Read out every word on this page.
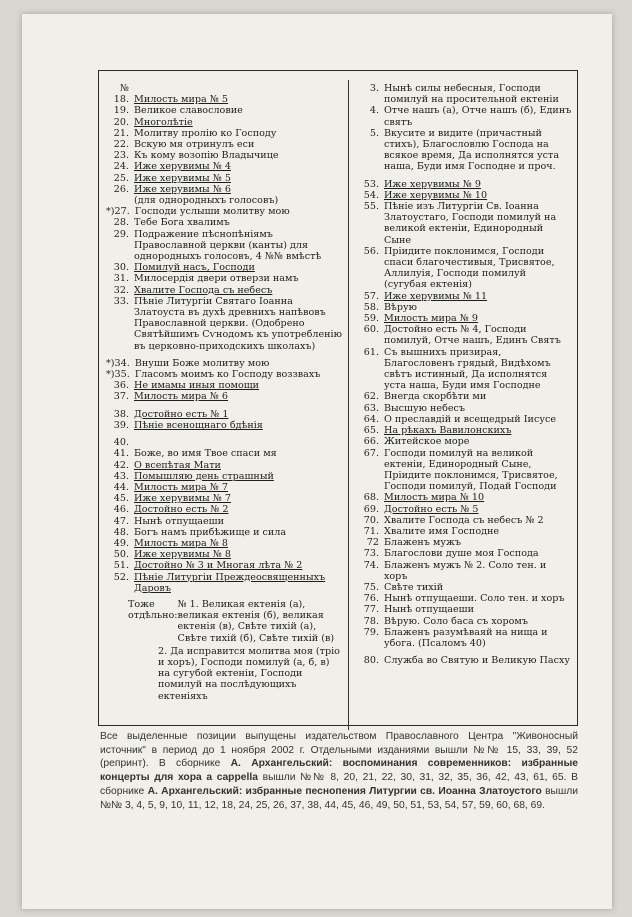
№
18. Милость мира № 5
19. Великое славословие
20. Многолѣтіе
21. Молитву пролію ко Господу
22. Вскую мя отринулъ еси
23. Къ кому возопію Владычице
24. Иже херувимы № 4
25. Иже херувимы № 5
26. Иже херувимы № 6
(для однородныхъ голосовъ)
*)27. Господи услыши молитву мою
28. Тебе Бога хвалимъ
29. Подражение пѣснопѣніямъ Православной церкви (канты) для однородныхъ голосовъ, 4 №№ вмѣстѣ
30. Помилуй насъ, Господи
31. Милосердія двери отверзи намъ
32. Хвалите Господа съ небесъ
33. Пѣніе Литургіи Святаго Іоанна Златоуста въ духѣ древнихъ напѣвовъ Православной церкви. (Одобрено Святѣйшимъ Сѵнодомъ къ употребленію въ церковно-приходскихъ школахъ)
*)34. Внуши Боже молитву мою
*)35. Гласомъ моимъ ко Господу воззвахъ
36. Не имамы иныя помощи
37. Милость мира № 6
38. Достойно есть № 1
39. Пѣніе всенощнаго бдѣнія
40.
41. Боже, во имя Твое спаси мя
42. О всепѣтая Мати
43. Помышляю день страшный
44. Милость мира № 7
45. Иже херувимы № 7
46. Достойно есть № 2
47. Нынѣ отпущаеши
48. Богъ намъ прибѣжище и сила
49. Милость мира № 8
50. Иже херувимы № 8
51. Достойно № 3 и Многая лѣта № 2
52. Пѣніе Литургіи Преждеосвященныхъ Даровъ
Тоже отдѣльно:
№ 1. Великая ектенія (а), великая ектенія (б), великая ектенія (в), Свѣте тихій (а), Свѣте тихій (б), Свѣте тихій (в)
2. Да исправится молитва моя (тріо и хоръ), Господи помилуй (а, б, в) на сугубой ектеніи, Господи помилуй на послѣдующихъ ектеніяхъ
3. Нынѣ силы небесныя, Господи помилуй на просительной ектеніи
4. Отче нашъ (а), Отче нашъ (б), Единъ святъ
5. Вкусите и видите (причастный стихъ), Благословлю Господа на всякое время, Да исполнятся уста наша, Буди имя Господне и проч.
53. Иже херувимы № 9
54. Иже херувимы № 10
55. Пѣніе изъ Литургіи Св. Іоанна Златоустаго, Господи помилуй на великой ектеніи, Единородный Сыне
56. Пріидите поклонимся, Господи спаси благочестивыя, Трисвятое, Аллилуія, Господи помилуй (сугубая ектенія)
57. Иже херувимы № 11
58. Вѣрую
59. Милость мира № 9
60. Достойно есть № 4, Господи помилуй, Отче нашъ, Единъ Святъ
61. Съ вышнихъ призирая, Благословенъ грядый, Видѣхомъ свѣтъ истинный, Да исполнятся уста наша, Буди имя Господне
62. Внегда скорбѣти ми
63. Высшую небесъ
64. О преславдій и всещедрый Іисусе
65. На рѣкахъ Вавилонскихъ
66. Житейское море
67. Господи помилуй на великой ектеніи, Единородный Сыне, Пріидите поклонимся, Трисвятое, Господи помилуй, Подай Господи
68. Милость мира № 10
69. Достойно есть № 5
70. Хвалите Господа съ небесъ № 2
71. Хвалите имя Господне
72 Блаженъ мужъ
73. Благослови душе моя Господа
74. Блаженъ мужъ № 2. Соло тен. и хоръ
75. Свѣте тихій
76. Нынѣ отпущаеши. Соло тен. и хоръ
77. Нынѣ отпущаеши
78. Вѣрую. Соло баса съ хоромъ
79. Блаженъ разумѣваяй на нища и убога. (Псаломъ 40)
80. Служба во Святую и Великую Пасху
Все выделенные позиции выпущены издательством Православного Центра "Живоносный источник" в период до 1 ноября 2002 г. Отдельными изданиями вышли №№ 15, 33, 39, 52 (репринт). В сборнике А. Архангельский: воспоминания современников: избранные концерты для хора a cappella вышли №№ 8, 20, 21, 22, 30, 31, 32, 35, 36, 42, 43, 61, 65. В сборнике А. Архангельский: избранные песнопения Литургии св. Иоанна Златоустого вышли №№ 3, 4, 5, 9, 10, 11, 12, 18, 24, 25, 26, 37, 38, 44, 45, 46, 49, 50, 51, 53, 54, 57, 59, 60, 68, 69.
